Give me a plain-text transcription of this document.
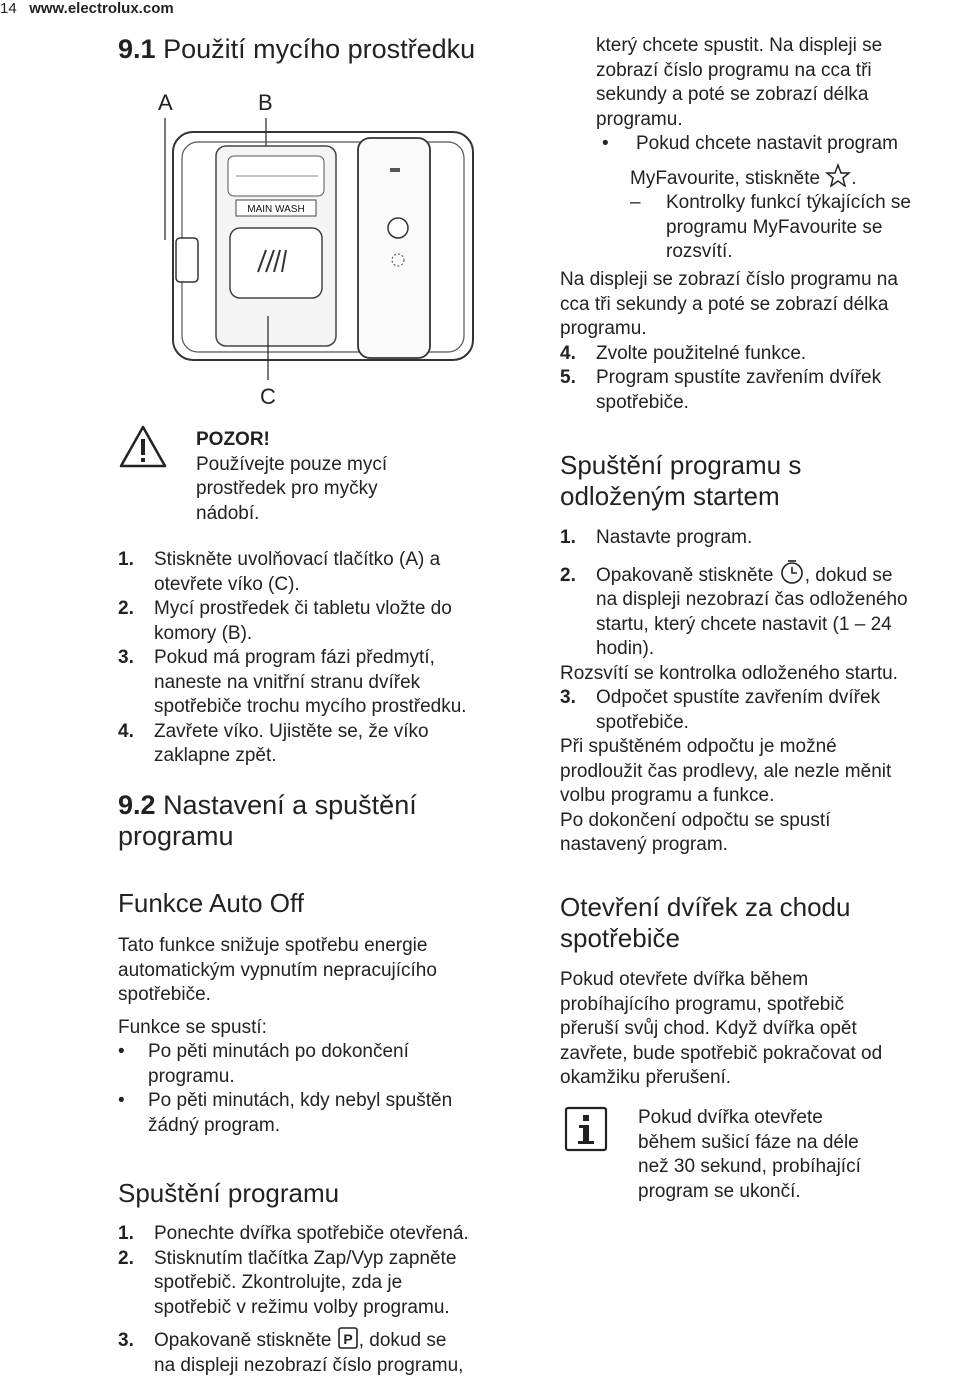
14 www.electrolux.com
9.1 Použití mycího prostředku
A	B
MAIN WASH
C
POZOR!
Používejte pouze mycí
prostředek pro myčky
nádobí.
1. Stiskněte uvolňovací tlačítko (A) a
otevřete víko (C).
2. Mycí prostředek či tabletu vložte do
komory (B).
3. Pokud má program fázi předmytí,
naneste na vnitřní stranu dvířek
spotřebiče trochu mycího prostředku.
4. Zavřete víko. Ujistěte se, že víko
zaklapne zpět.
9.2 Nastavení a spuštění
programu
Funkce Auto Off
Tato funkce snižuje spotřebu energie
automatickým vypnutím nepracujícího
spotřebiče.
Funkce se spustí:
• Po pěti minutách po dokončení
programu.
• Po pěti minutách, kdy nebyl spuštěn
žádný program.
Spuštění programu
1. Ponechte dvířka spotřebiče otevřená.
2. Stisknutím tlačítka Zap/Vyp zapněte
spotřebič. Zkontrolujte, zda je
spotřebič v režimu volby programu.
3. Opakovaně stiskněte P , dokud se
na displeji nezobrazí číslo programu,
který chcete spustit. Na displeji se
zobrazí číslo programu na cca tři
sekundy a poté se zobrazí délka
programu.
• Pokud chcete nastavit program
MyFavourite, stiskněte .
– Kontrolky funkcí týkajících se
programu MyFavourite se
rozsvítí.
Na displeji se zobrazí číslo programu na
cca tři sekundy a poté se zobrazí délka
programu.
4. Zvolte použitelné funkce.
5. Program spustíte zavřením dvířek
spotřebiče.
Spuštění programu s
odloženým startem
1. Nastavte program.
2. Opakovaně stiskněte , dokud se
na displeji nezobrazí čas odloženého
startu, který chcete nastavit (1 – 24
hodin).
Rozsvítí se kontrolka odloženého startu.
3. Odpočet spustíte zavřením dvířek
spotřebiče.
Při spuštěném odpočtu je možné
prodloužit čas prodlevy, ale nezle měnit
volbu programu a funkce.
Po dokončení odpočtu se spustí
nastavený program.
Otevření dvířek za chodu
spotřebiče
Pokud otevřete dvířka během
probíhajícího programu, spotřebič
přeruší svůj chod. Když dvířka opět
zavřete, bude spotřebič pokračovat od
okamžiku přerušení.
Pokud dvířka otevřete
během sušicí fáze na déle
než 30 sekund, probíhající
program se ukončí.
